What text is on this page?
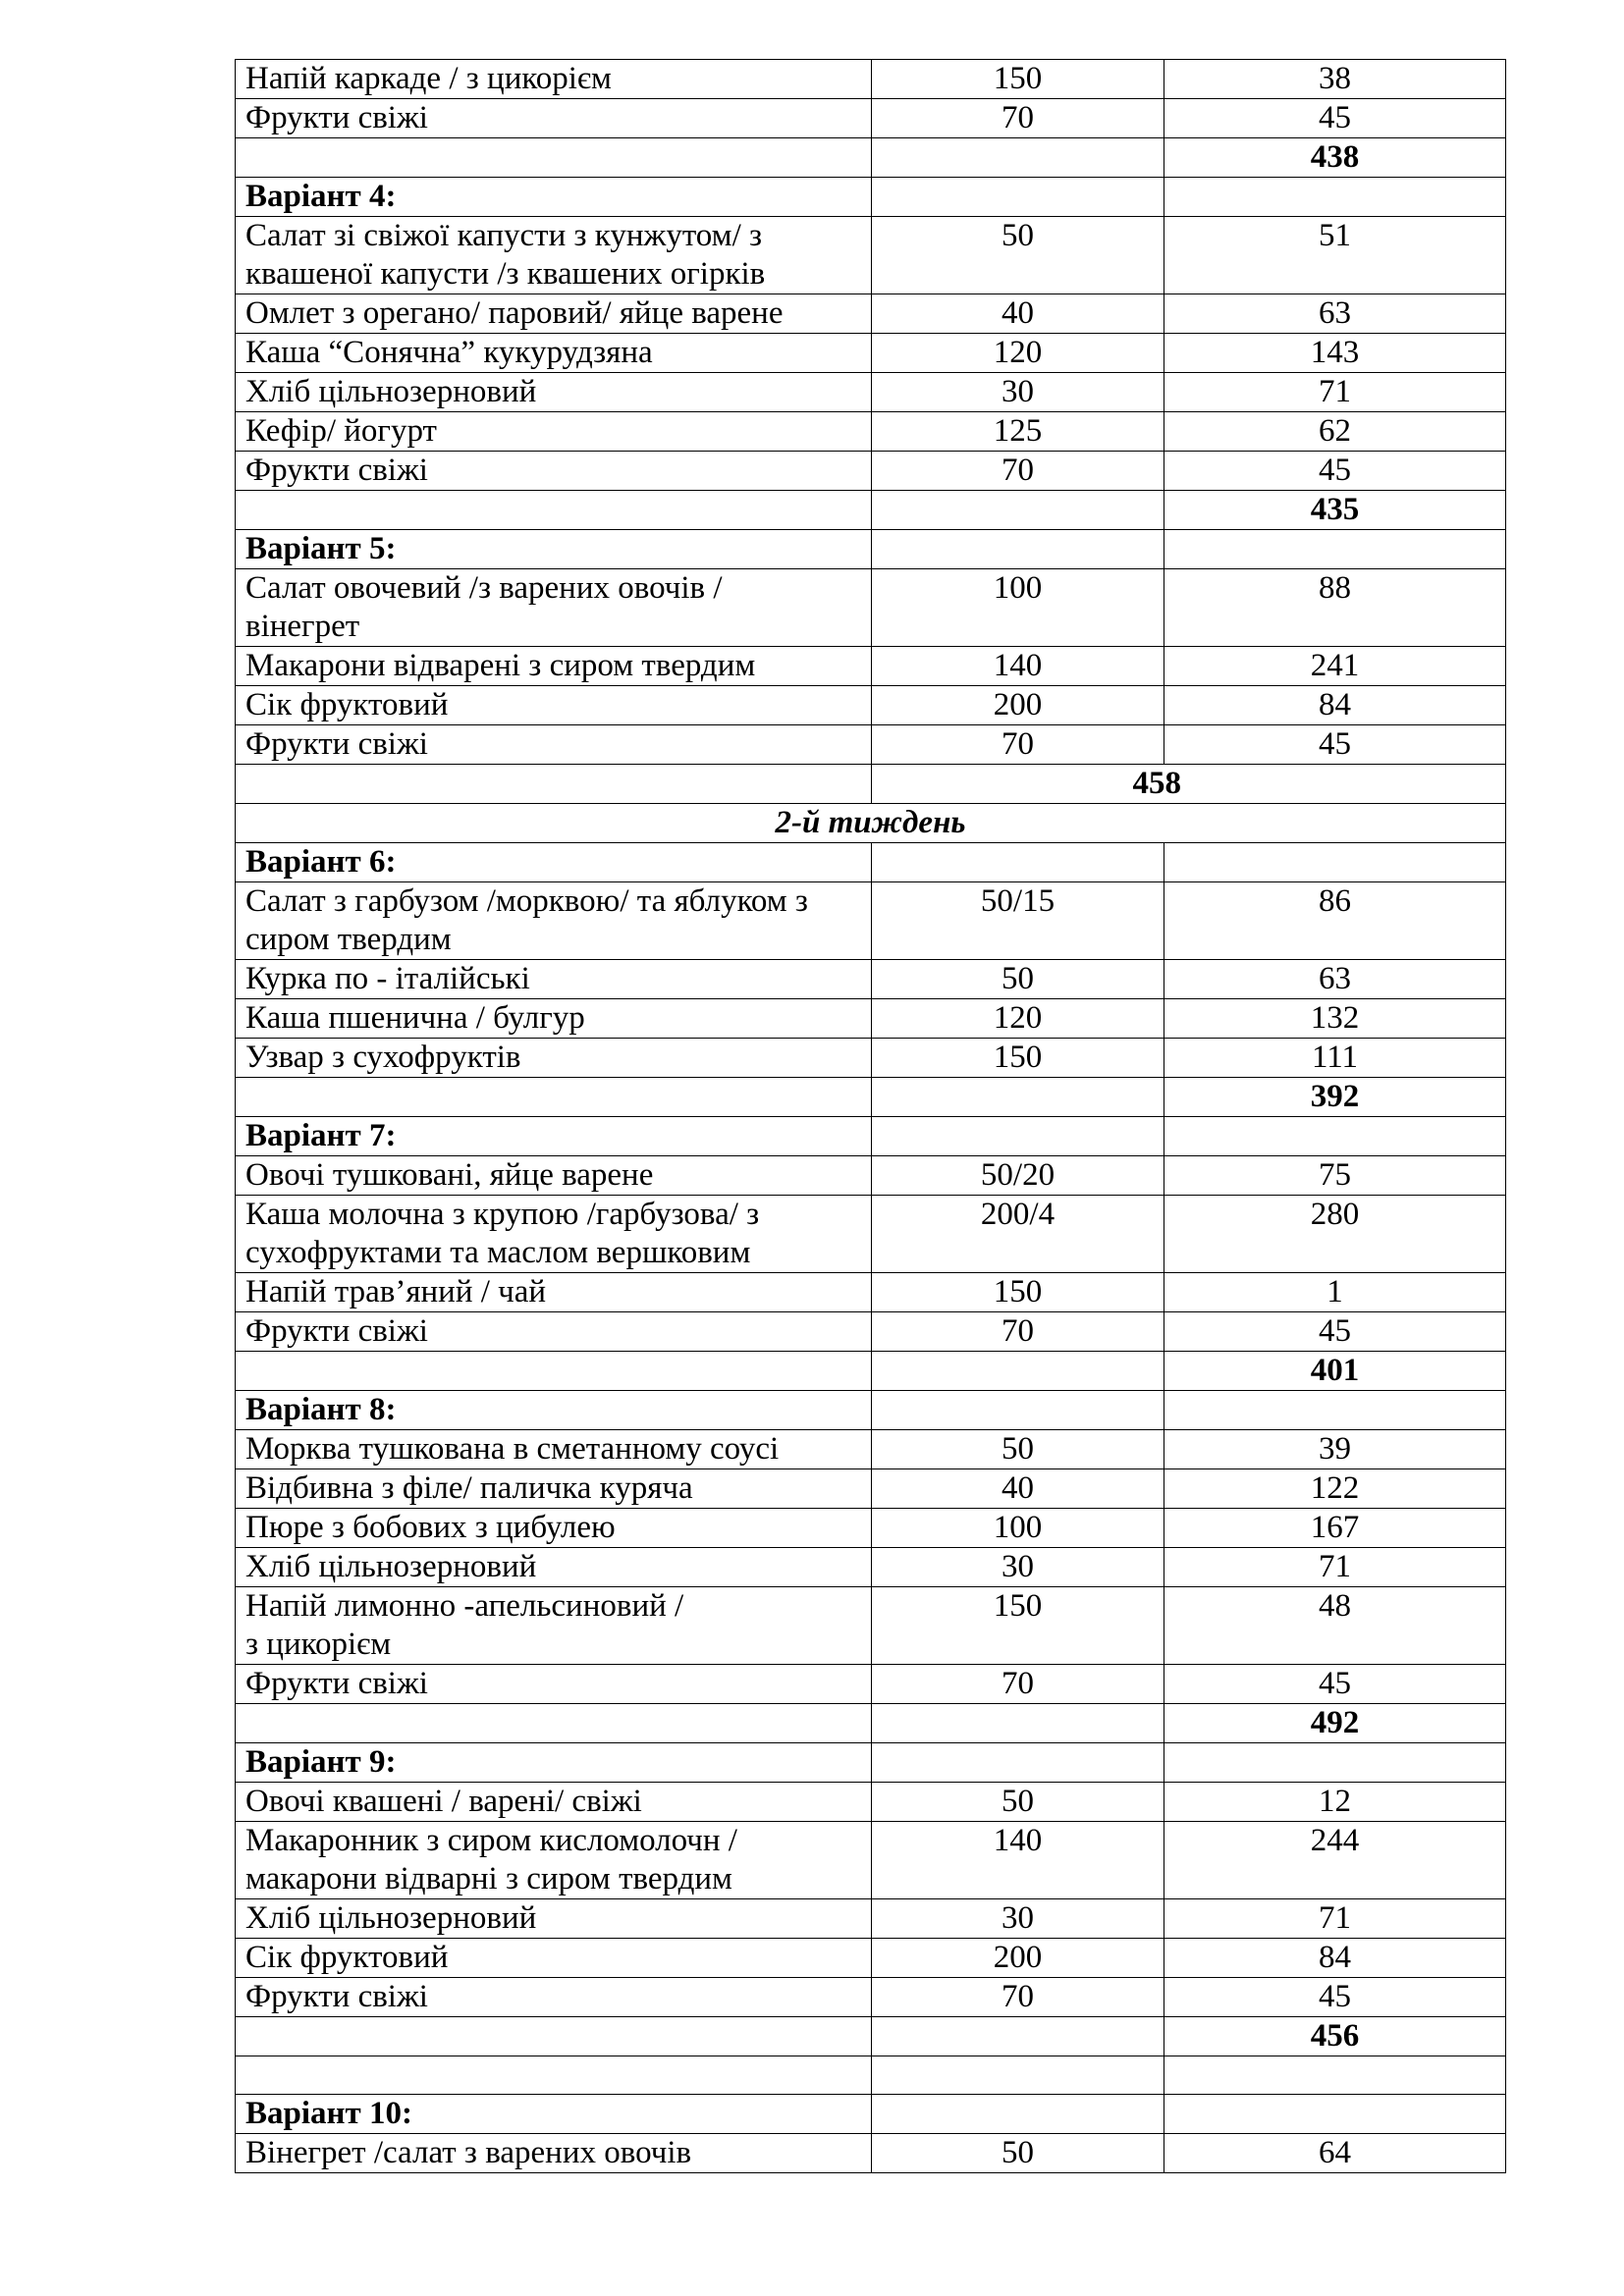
Напій каркаде / з цикорієм	150	38

Фрукти свіжі	70	45
		438
Варіант 4:		

Салат зі свіжої капусти з кунжутом/ з
квашеної капусти /з квашених огірків	50	51

Омлет з орегано/ паровий/ яйце варене	40	63

Каша “Сонячна” кукурудзяна	120	143

Хліб цільнозерновий	30	71

Кефір/ йогурт	125	62

Фрукти свіжі	70	45
		435
Варіант 5:		

Салат овочевий /з варених овочів /
вінегрет	100	88

Макарони відварені з сиром твердим	140	241

Сік фруктовий	200	84

Фрукти свіжі	70	45
	458	
2-й тиждень		
Варіант 6:		

Салат з гарбузом /морквою/ та яблуком з
сиром твердим	50/15	86

Курка по - італійські	50	63

Каша пшенична / булгур	120	132

Узвар з сухофруктів	150	111
		392
Варіант 7:		

Овочі тушковані, яйце варене	50/20	75

Каша молочна з крупою /гарбузова/ з
сухофруктами та маслом вершковим	200/4	280

Напій трав’яний / чай	150	1

Фрукти свіжі	70	45
		401
Варіант 8:		

Морква тушкована в сметанному соусі	50	39

Відбивна з філе/ паличка куряча	40	122

Пюре з бобових з цибулею	100	167

Хліб цільнозерновий	30	71

Напій лимонно -апельсиновий /
з цикорієм	150	48

Фрукти свіжі	70	45
		492
Варіант 9:		

Овочі квашені / варені/ свіжі	50	12

Макаронник з сиром кисломолочн /
макарони відварні з сиром твердим	140	244

Хліб цільнозерновий	30	71

Сік фруктовий	200	84

Фрукти свіжі	70	45
		456

Варіант 10:		

Вінегрет /салат з варених овочів	50	64
